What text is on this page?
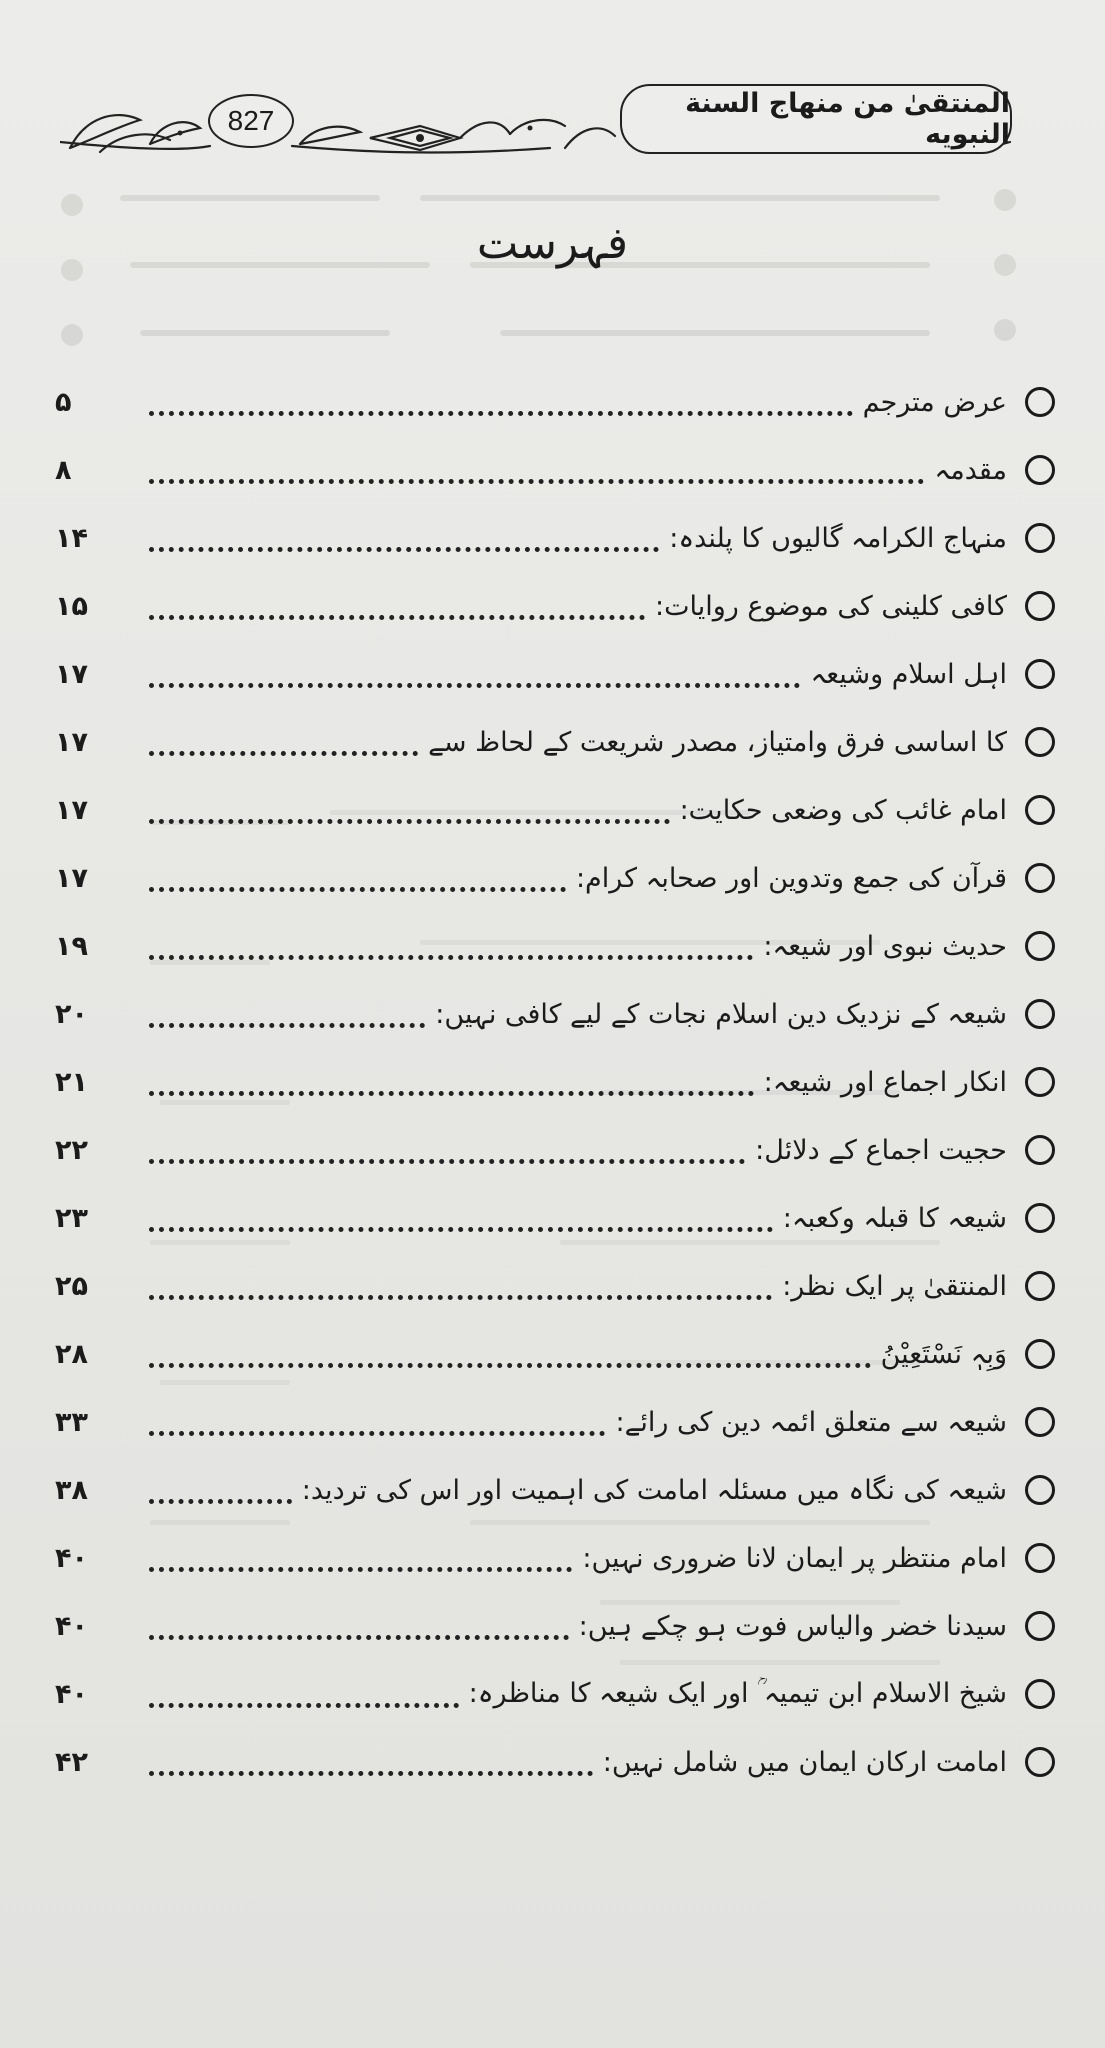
827
المنتقیٰ من منهاج السنة النبويه
فہرست
عرض مترجم
۵
مقدمہ
۸
منہاج الکرامہ گالیوں کا پلندہ:
۱۴
کافی کلینی کی موضوع روایات:
۱۵
اہل اسلام وشیعہ
۱۷
کا اساسی فرق وامتیاز، مصدر شریعت کے لحاظ سے
۱۷
امام غائب کی وضعی حکایت:
۱۷
قرآن کی جمع وتدوین اور صحابہ کرام:
۱۷
حدیث نبوی اور شیعہ:
۱۹
شیعہ کے نزدیک دین اسلام نجات کے لیے کافی نہیں:
۲۰
انکار اجماع اور شیعہ:
۲۱
حجیت اجماع کے دلائل:
۲۲
شیعہ کا قبلہ وکعبہ:
۲۳
المنتقیٰ پر ایک نظر:
۲۵
وَبِہٖ نَسْتَعِیْنُ
۲۸
شیعہ سے متعلق ائمہ دین کی رائے:
۳۳
شیعہ کی نگاہ میں مسئلہ امامت کی اہمیت اور اس کی تردید:
۳۸
امام منتظر پر ایمان لانا ضروری نہیں:
۴۰
سیدنا خضر والیاس فوت ہو چکے ہیں:
۴۰
شیخ الاسلام ابن تیمیہ ؒ اور ایک شیعہ کا مناظرہ:
۴۰
امامت ارکان ایمان میں شامل نہیں:
۴۲
